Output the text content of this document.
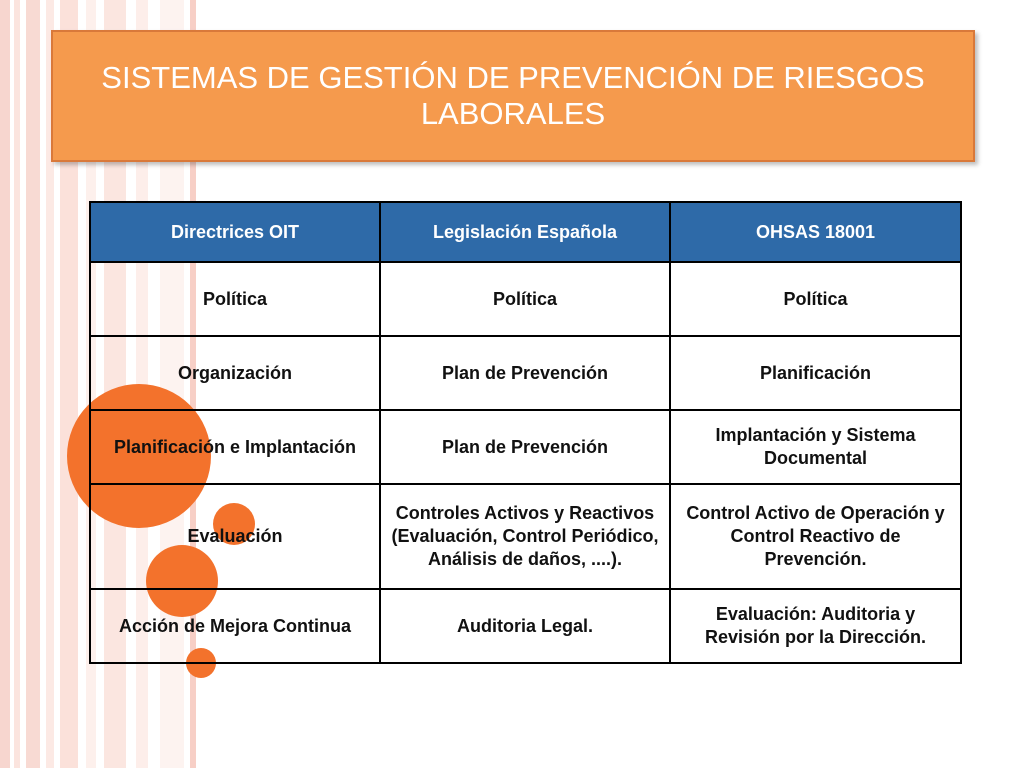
SISTEMAS DE GESTIÓN DE PREVENCIÓN DE RIESGOS LABORALES
Directrices OIT	Legislación Española	OHSAS 18001
Política	Política	Política
Organización	Plan de Prevención	Planificación
Planificación e Implantación	Plan de Prevención	Implantación y Sistema Documental
Evaluación	Controles Activos y Reactivos (Evaluación, Control Periódico, Análisis de daños, ....).	Control Activo de Operación y Control Reactivo de Prevención.
Acción de Mejora Continua	Auditoria Legal.	Evaluación: Auditoria y Revisión por la Dirección.
